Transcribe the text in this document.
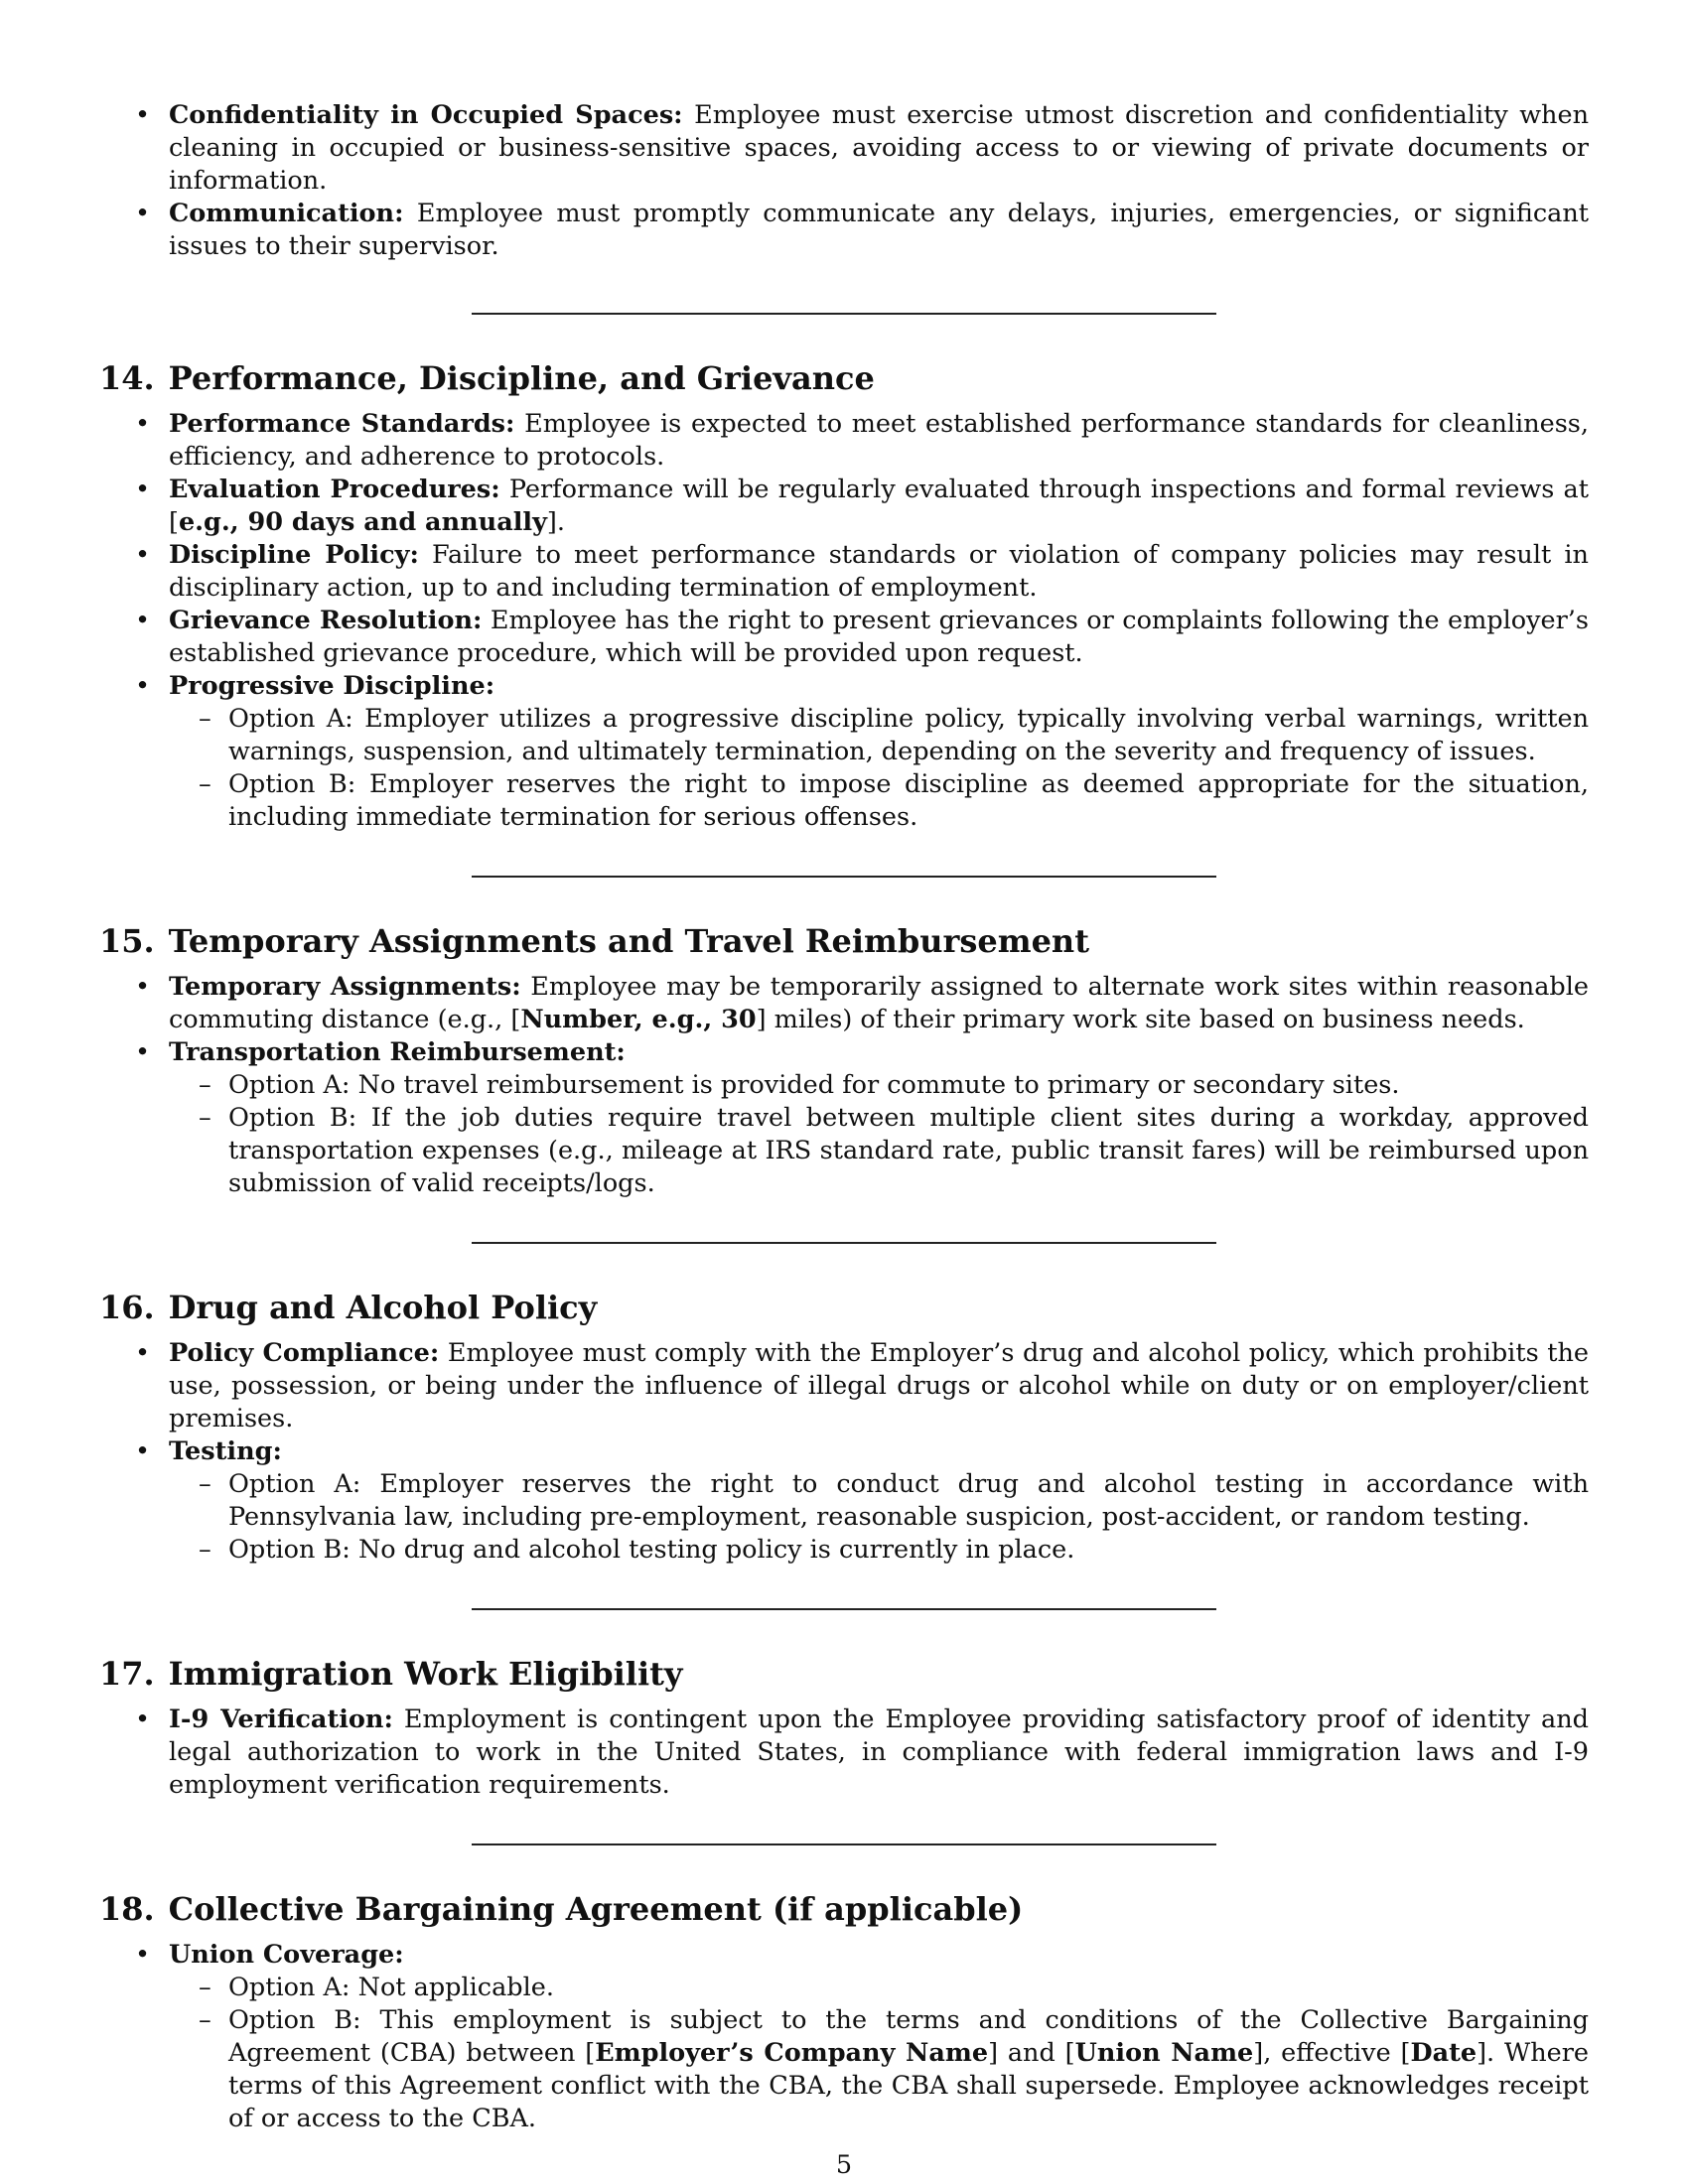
• Confidentiality in Occupied Spaces: Employee must exercise utmost discretion and confidentiality when cleaning in occupied or business-sensitive spaces, avoiding access to or viewing of private documents or information.
• Communication: Employee must promptly communicate any delays, injuries, emergencies, or significant issues to their supervisor.
14. Performance, Discipline, and Grievance
• Performance Standards: Employee is expected to meet established performance standards for cleanliness, efficiency, and adherence to protocols.
• Evaluation Procedures: Performance will be regularly evaluated through inspections and formal reviews at [e.g., 90 days and annually].
• Discipline Policy: Failure to meet performance standards or violation of company policies may result in disciplinary action, up to and including termination of employment.
• Grievance Resolution: Employee has the right to present grievances or complaints following the employer’s established grievance procedure, which will be provided upon request.
• Progressive Discipline:
– Option A: Employer utilizes a progressive discipline policy, typically involving verbal warnings, written warnings, suspension, and ultimately termination, depending on the severity and frequency of issues.
– Option B: Employer reserves the right to impose discipline as deemed appropriate for the situation, including immediate termination for serious offenses.
15. Temporary Assignments and Travel Reimbursement
• Temporary Assignments: Employee may be temporarily assigned to alternate work sites within reasonable commuting distance (e.g., [Number, e.g., 30] miles) of their primary work site based on business needs.
• Transportation Reimbursement:
– Option A: No travel reimbursement is provided for commute to primary or secondary sites.
– Option B: If the job duties require travel between multiple client sites during a workday, approved transportation expenses (e.g., mileage at IRS standard rate, public transit fares) will be reimbursed upon submission of valid receipts/logs.
16. Drug and Alcohol Policy
• Policy Compliance: Employee must comply with the Employer’s drug and alcohol policy, which prohibits the use, possession, or being under the influence of illegal drugs or alcohol while on duty or on employer/client premises.
• Testing:
– Option A: Employer reserves the right to conduct drug and alcohol testing in accordance with Pennsylvania law, including pre-employment, reasonable suspicion, post-accident, or random testing.
– Option B: No drug and alcohol testing policy is currently in place.
17. Immigration Work Eligibility
• I-9 Verification: Employment is contingent upon the Employee providing satisfactory proof of identity and legal authorization to work in the United States, in compliance with federal immigration laws and I-9 employment verification requirements.
18. Collective Bargaining Agreement (if applicable)
• Union Coverage:
– Option A: Not applicable.
– Option B: This employment is subject to the terms and conditions of the Collective Bargaining Agreement (CBA) between [Employer’s Company Name] and [Union Name], effective [Date]. Where terms of this Agreement conflict with the CBA, the CBA shall supersede. Employee acknowledges receipt of or access to the CBA.
5
